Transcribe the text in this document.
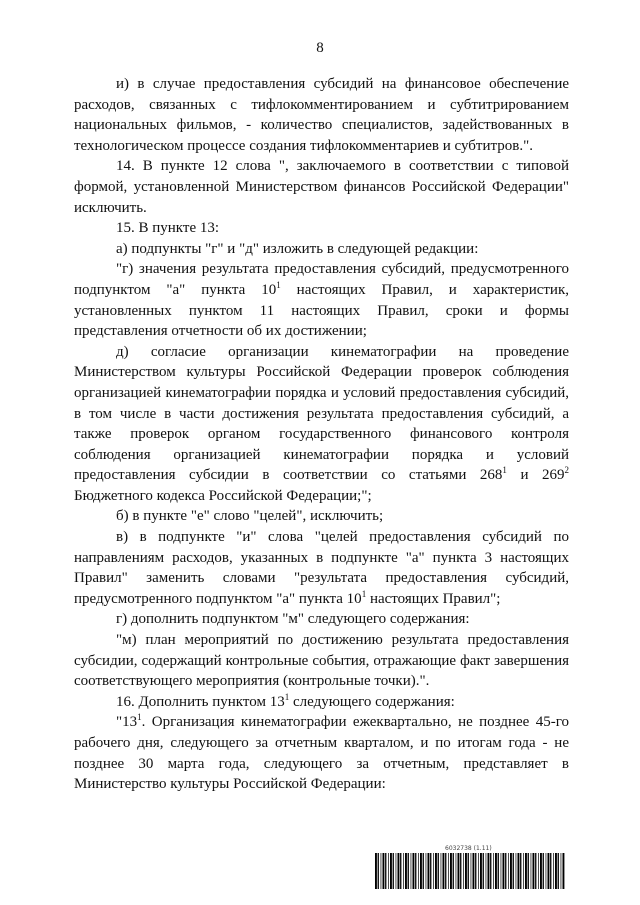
8

и) в случае предоставления субсидий на финансовое обеспечение расходов, связанных с тифлокомментированием и субтитрированием национальных фильмов, - количество специалистов, задействованных в технологическом процессе создания тифлокомментариев и субтитров.".

14. В пункте 12 слова ", заключаемого в соответствии с типовой формой, установленной Министерством финансов Российской Федерации" исключить.

15. В пункте 13:

а) подпункты "г" и "д" изложить в следующей редакции:

"г) значения результата предоставления субсидий, предусмотренного подпунктом "а" пункта $10^1$ настоящих Правил, и характеристик, установленных пунктом 11 настоящих Правил, сроки и формы представления отчетности об их достижении;

д) согласие организации кинематографии на проведение Министерством культуры Российской Федерации проверок соблюдения организацией кинематографии порядка и условий предоставления субсидий, в том числе в части достижения результата предоставления субсидий, а также проверок органом государственного финансового контроля соблюдения организацией кинематографии порядка и условий предоставления субсидии в соответствии со статьями $268^1$ и $269^2$ Бюджетного кодекса Российской Федерации;";

б) в пункте "е" слово "целей", исключить;

в) в подпункте "и" слова "целей предоставления субсидий по направлениям расходов, указанных в подпункте "а" пункта 3 настоящих Правил" заменить словами "результата предоставления субсидий, предусмотренного подпунктом "а" пункта $10^1$ настоящих Правил";

г) дополнить подпунктом "м" следующего содержания:

"м) план мероприятий по достижению результата предоставления субсидии, содержащий контрольные события, отражающие факт завершения соответствующего мероприятия (контрольные точки).".

16. Дополнить пунктом $13^1$ следующего содержания:

"$13^1$. Организация кинематографии ежеквартально, не позднее 45-го рабочего дня, следующего за отчетным кварталом, и по итогам года - не позднее 30 марта года, следующего за отчетным, представляет в Министерство культуры Российской Федерации:

6032738 (1.11)
